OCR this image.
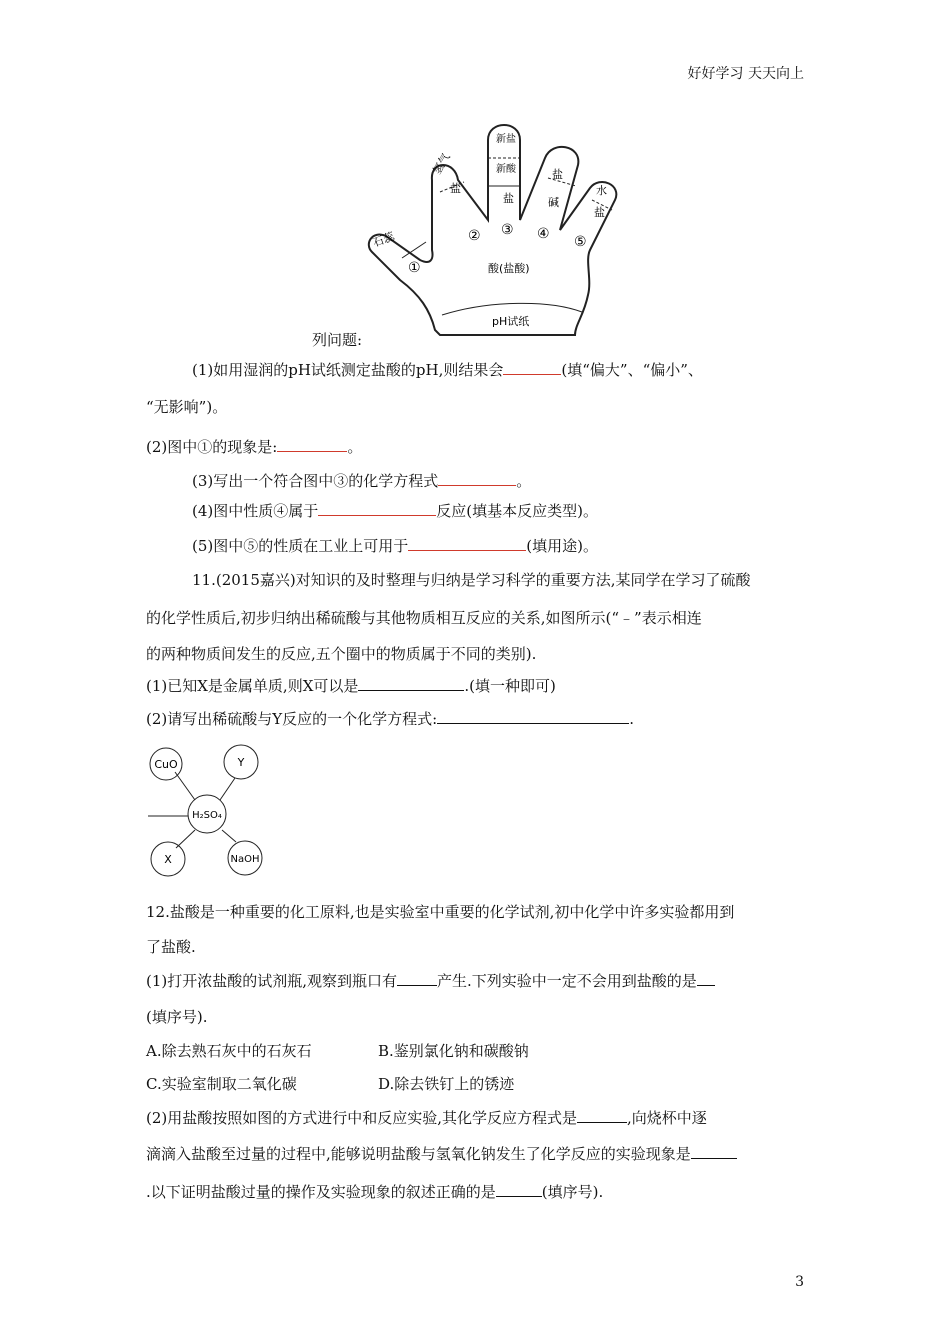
好好学习 天天向上
石蕊
氢气
盐
新盐
新酸
盐
盐
碱
水
盐
①
② ③ ④ ⑤
酸(盐酸)
pH试纸
列问题:
(1)如用湿润的pH试纸测定盐酸的pH,则结果会	(填“偏大”、“偏小”、
“无影响”)。
(2)图中①的现象是:	。
(3)写出一个符合图中③的化学方程式	。
(4)图中性质④属于	反应(填基本反应类型)。
(5)图中⑤的性质在工业上可用于	(填用途)。
11.(2015嘉兴)对知识的及时整理与归纳是学习科学的重要方法,某同学在学习了硫酸
的化学性质后,初步归纳出稀硫酸与其他物质相互反应的关系,如图所示(“﹣”表示相连
的两种物质间发生的反应,五个圈中的物质属于不同的类别).
(1)已知X是金属单质,则X可以是	.(填一种即可)
(2)请写出稀硫酸与Y反应的一个化学方程式:	.
CuO	Y
H₂SO₄
X	NaOH
12.盐酸是一种重要的化工原料,也是实验室中重要的化学试剂,初中化学中许多实验都用到
了盐酸.
(1)打开浓盐酸的试剂瓶,观察到瓶口有	产生.下列实验中一定不会用到盐酸的是
(填序号).
A.除去熟石灰中的石灰石	B.鉴别氯化钠和碳酸钠
C.实验室制取二氧化碳	D.除去铁钉上的锈迹
(2)用盐酸按照如图的方式进行中和反应实验,其化学反应方程式是	,向烧杯中逐
滴滴入盐酸至过量的过程中,能够说明盐酸与氢氧化钠发生了化学反应的实验现象是
.以下证明盐酸过量的操作及实验现象的叙述正确的是	(填序号).
3
